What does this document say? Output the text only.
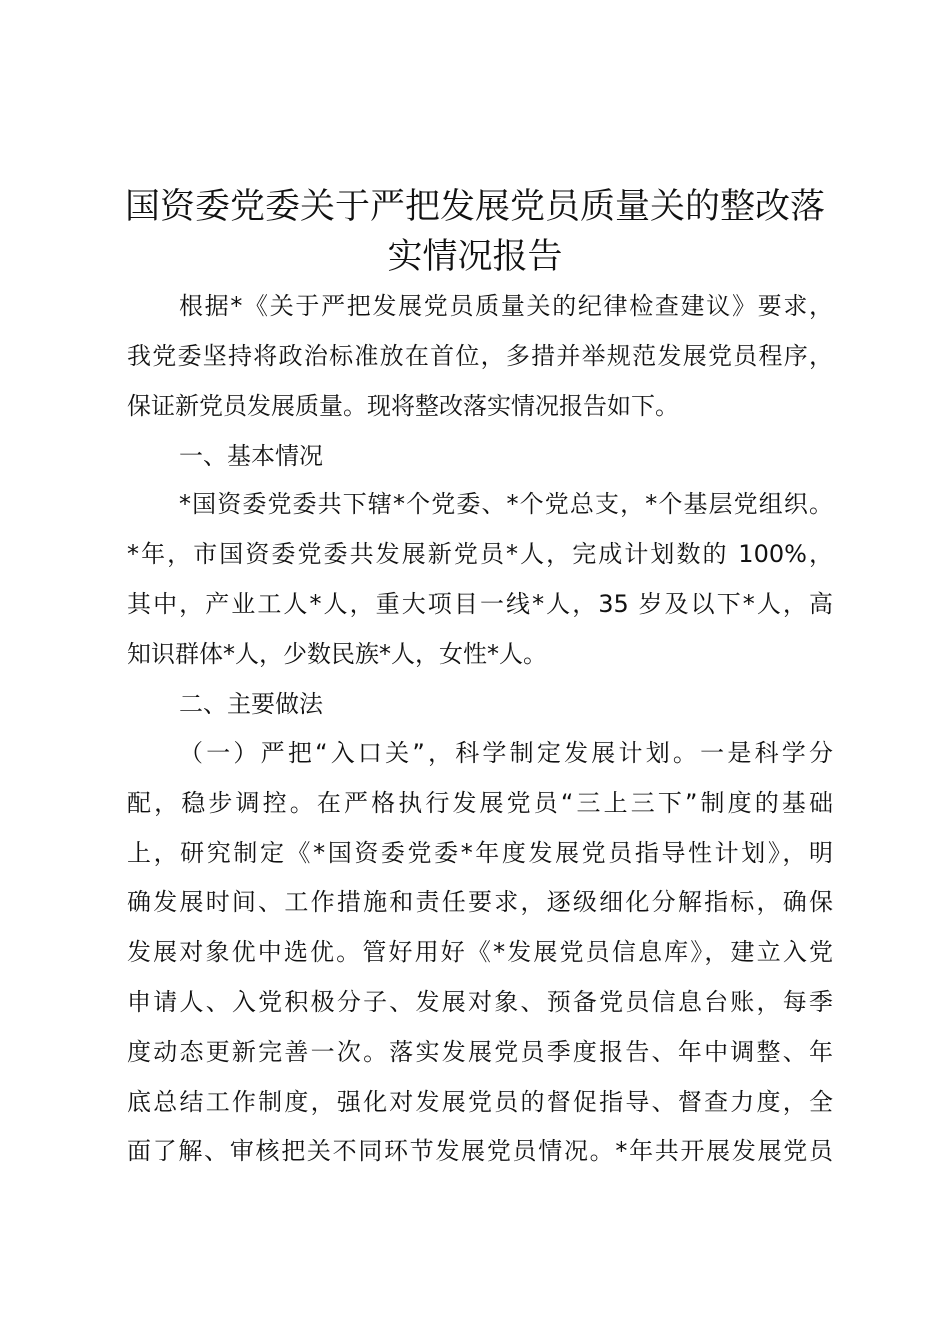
国资委党委关于严把发展党员质量关的整改落
实情况报告
根据*《关于严把发展党员质量关的纪律检查建议》要求，
我党委坚持将政治标准放在首位，多措并举规范发展党员程序，
保证新党员发展质量。现将整改落实情况报告如下。
一、基本情况
*国资委党委共下辖*个党委、*个党总支，*个基层党组织。
*年，市国资委党委共发展新党员*人，完成计划数的 100%，
其中，产业工人*人，重大项目一线*人，35 岁及以下*人，高
知识群体*人，少数民族*人，女性*人。
二、主要做法
（一）严把“入口关”，科学制定发展计划。一是科学分
配，稳步调控。在严格执行发展党员“三上三下”制度的基础
上，研究制定《*国资委党委*年度发展党员指导性计划》，明
确发展时间、工作措施和责任要求，逐级细化分解指标，确保
发展对象优中选优。管好用好《*发展党员信息库》，建立入党
申请人、入党积极分子、发展对象、预备党员信息台账，每季
度动态更新完善一次。落实发展党员季度报告、年中调整、年
底总结工作制度，强化对发展党员的督促指导、督查力度，全
面了解、审核把关不同环节发展党员情况。*年共开展发展党员
